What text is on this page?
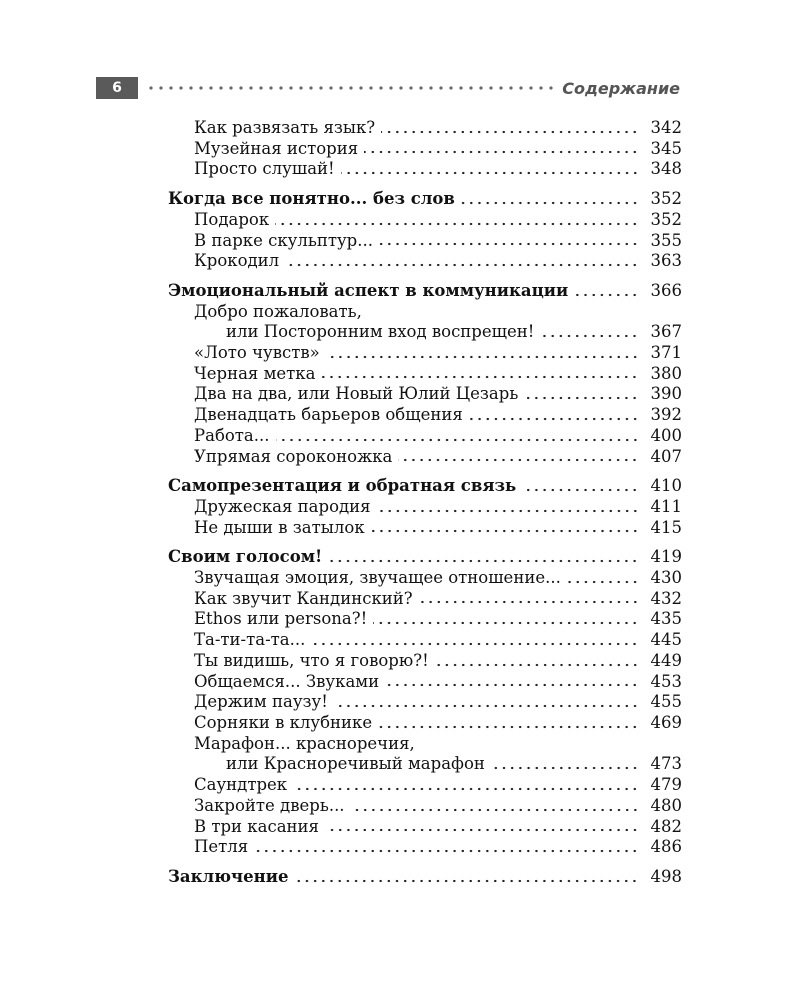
6	Содержание
Как развязать язык?	342
Музейная история	345
Просто слушай!	348
Когда все понятно... без слов	352
Подарок	352
В парке скульптур...	355
Крокодил	363
Эмоциональный аспект в коммуникации	366
Добро пожаловать,
или Посторонним вход воспрещен!	367
«Лото чувств»	371
Черная метка	380
Два на два, или Новый Юлий Цезарь	390
Двенадцать барьеров общения	392
Работа...	400
Упрямая сороконожка	407
Самопрезентация и обратная связь	410
Дружеская пародия	411
Не дыши в затылок	415
Своим голосом!	419
Звучащая эмоция, звучащее отношение...	430
Как звучит Кандинский?	432
Ethos или persona?!	435
Та-ти-та-та...	445
Ты видишь, что я говорю?!	449
Общаемся... Звуками	453
Держим паузу!	455
Сорняки в клубнике	469
Марафон... красноречия,
или Красноречивый марафон	473
Саундтрек	479
Закройте дверь...	480
В три касания	482
Петля	486
Заключение	498
